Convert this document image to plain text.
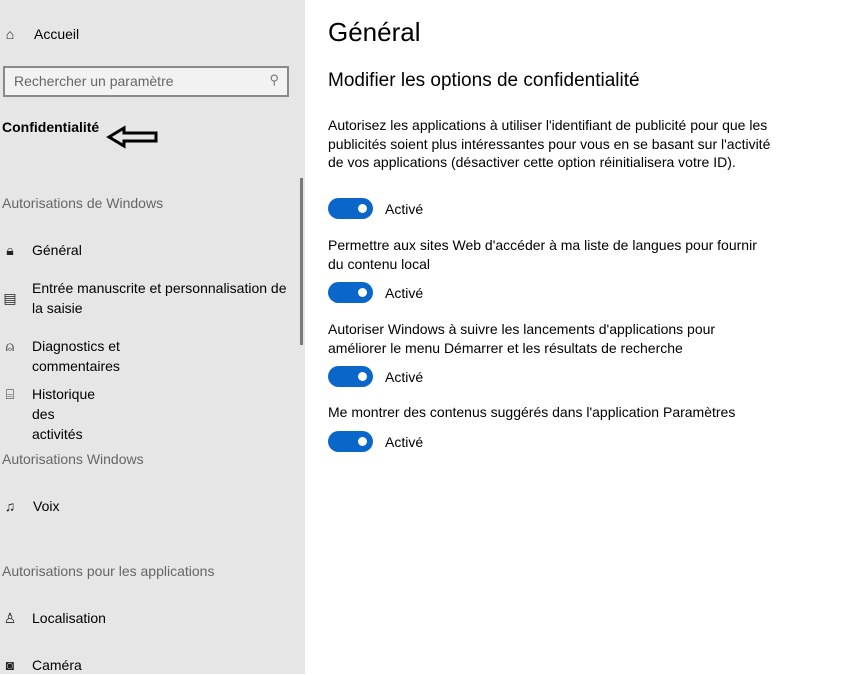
⌂ Accueil
Rechercher un paramètre	⚲
Confidentialité
Autorisations de Windows
🔒︎	Général
▤
Entrée manuscrite et personnalisation de la saisie
⍝ Diagnostics et commentaires
⌸ Historique des activités
Autorisations Windows
♫ Voix
Autorisations pour les applications
♙ Localisation
◙ Caméra
Général
Modifier les options de confidentialité
Autorisez les applications à utiliser l'identifiant de publicité pour que les publicités soient plus intéressantes pour vous en se basant sur l'activité de vos applications (désactiver cette option réinitialisera votre ID).
Activé
Permettre aux sites Web d'accéder à ma liste de langues pour fournir du contenu local
Activé
Autoriser Windows à suivre les lancements d'applications pour améliorer le menu Démarrer et les résultats de recherche
Activé
Me montrer des contenus suggérés dans l'application Paramètres
Activé
